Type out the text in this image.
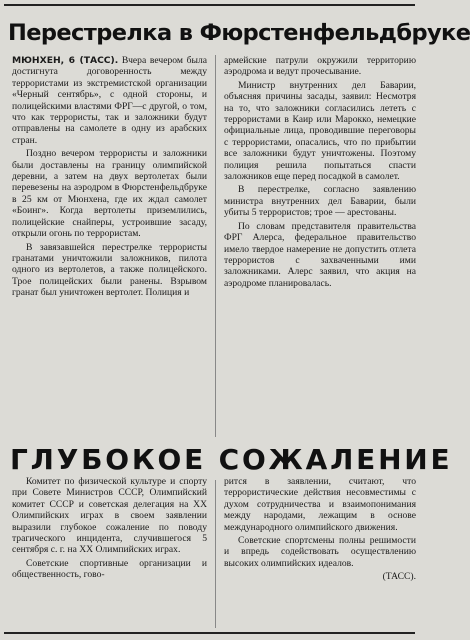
Перестрелка в Фюрстенфельдбруке

МЮНХЕН, 6 (ТАСС). Вчера вечером была достигнута договоренность между террористами из экстремистской организации «Черный сентябрь», с одной стороны, и полицейскими властями ФРГ—с другой, о том, что как террористы, так и заложники будут отправлены на самолете в одну из арабских стран.

Поздно вечером террористы и заложники были доставлены на границу олимпийской деревни, а затем на двух вертолетах были перевезены на аэродром в Фюрстенфельдбруке в 25 км от Мюнхена, где их ждал самолет «Боинг». Когда вертолеты приземлились, полицейские снайперы, устроившие засаду, открыли огонь по террористам.

В завязавшейся перестрелке террористы гранатами уничтожили заложников, пилота одного из вертолетов, а также полицейского. Трое полицейских были ранены. Взрывом гранат был уничтожен вертолет. Полиция и

армейские патрули окружили территорию аэродрома и ведут прочесывание.

Министр внутренних дел Баварии, объясняя причины засады, заявил: Несмотря на то, что заложники согласились лететь с террористами в Каир или Марокко, немецкие официальные лица, проводившие переговоры с террористами, опасались, что по прибытии все заложники будут уничтожены. Поэтому полиция решила попытаться спасти заложников еще перед посадкой в самолет.

В перестрелке, согласно заявлению министра внутренних дел Баварии, были убиты 5 террористов; трое — арестованы.

По словам представителя правительства ФРГ Алерса, федеральное правительство имело твердое намерение не допустить отлета террористов с захваченными ими заложниками. Алерс заявил, что акция на аэродроме планировалась.

ГЛУБОКОЕ СОЖАЛЕНИЕ

Комитет по физической культуре и спорту при Совете Министров СССР, Олимпийский комитет СССР и советская делегация на XX Олимпийских играх в своем заявлении выразили глубокое сожаление по поводу трагического инцидента, случившегося 5 сентября с. г. на XX Олимпийских играх.

Советские спортивные организации и общественность, гово-

рится в заявлении, считают, что террористические действия несовместимы с духом сотрудничества и взаимопонимания между народами, лежащим в основе международного олимпийского движения.

Советские спортсмены полны решимости и впредь содействовать осуществлению высоких олимпийских идеалов.

(ТАСС).
